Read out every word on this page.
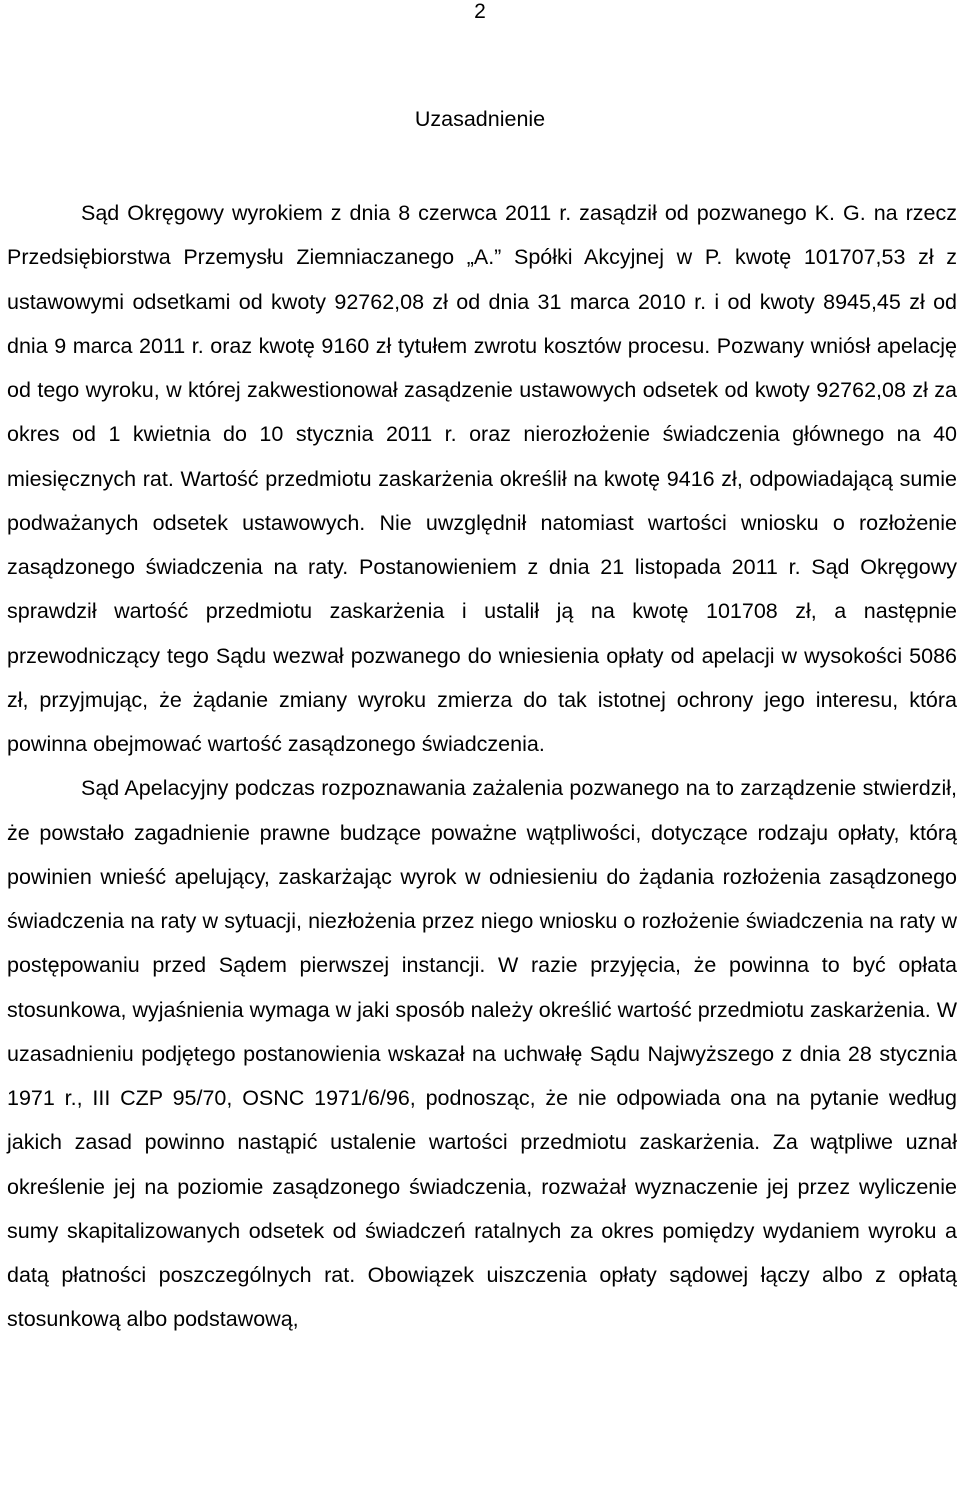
2
Uzasadnienie

Sąd Okręgowy wyrokiem z dnia 8 czerwca 2011 r. zasądził od pozwanego K. G. na rzecz Przedsiębiorstwa Przemysłu Ziemniaczanego „A.” Spółki Akcyjnej w P. kwotę 101707,53 zł z ustawowymi odsetkami od kwoty 92762,08 zł od dnia 31 marca 2010 r. i od kwoty 8945,45 zł od dnia 9 marca 2011 r. oraz kwotę 9160 zł tytułem zwrotu kosztów procesu. Pozwany wniósł apelację od tego wyroku, w której zakwestionował zasądzenie ustawowych odsetek od kwoty 92762,08 zł za okres od 1 kwietnia do 10 stycznia 2011 r. oraz nierozłożenie świadczenia głównego na 40 miesięcznych rat. Wartość przedmiotu zaskarżenia określił na kwotę 9416 zł, odpowiadającą sumie podważanych odsetek ustawowych. Nie uwzględnił natomiast wartości wniosku o rozłożenie zasądzonego świadczenia na raty. Postanowieniem z dnia 21 listopada 2011 r. Sąd Okręgowy sprawdził wartość przedmiotu zaskarżenia i ustalił ją na kwotę 101708 zł, a następnie przewodniczący tego Sądu wezwał pozwanego do wniesienia opłaty od apelacji w wysokości 5086 zł, przyjmując, że żądanie zmiany wyroku zmierza do tak istotnej ochrony jego interesu, która powinna obejmować wartość zasądzonego świadczenia.

Sąd Apelacyjny podczas rozpoznawania zażalenia pozwanego na to zarządzenie stwierdził, że powstało zagadnienie prawne budzące poważne wątpliwości, dotyczące rodzaju opłaty, którą powinien wnieść apelujący, zaskarżając wyrok w odniesieniu do żądania rozłożenia zasądzonego świadczenia na raty w sytuacji, niezłożenia przez niego wniosku o rozłożenie świadczenia na raty w postępowaniu przed Sądem pierwszej instancji. W razie przyjęcia, że powinna to być opłata stosunkowa, wyjaśnienia wymaga w jaki sposób należy określić wartość przedmiotu zaskarżenia. W uzasadnieniu podjętego postanowienia wskazał na uchwałę Sądu Najwyższego z dnia 28 stycznia 1971 r., III CZP 95/70, OSNC 1971/6/96, podnosząc, że nie odpowiada ona na pytanie według jakich zasad powinno nastąpić ustalenie wartości przedmiotu zaskarżenia. Za wątpliwe uznał określenie jej na poziomie zasądzonego świadczenia, rozważał wyznaczenie jej przez wyliczenie sumy skapitalizowanych odsetek od świadczeń ratalnych za okres pomiędzy wydaniem wyroku a datą płatności poszczególnych rat. Obowiązek uiszczenia opłaty sądowej łączy albo z opłatą stosunkową albo podstawową,
